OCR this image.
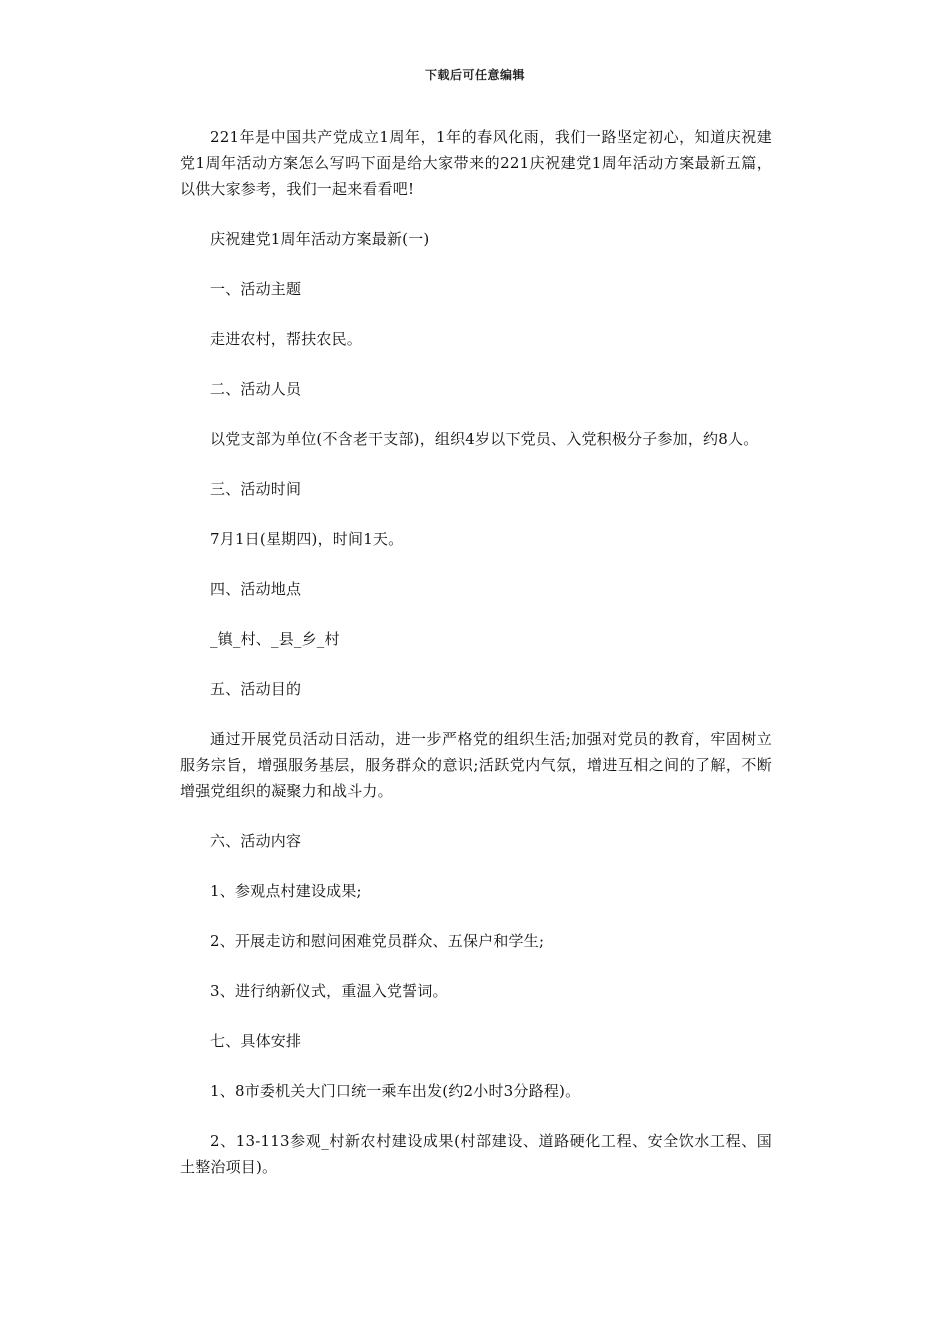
下载后可任意编辑

221年是中国共产党成立1周年，1年的春风化雨，我们一路坚定初心，知道庆祝建党1周年活动方案怎么写吗下面是给大家带来的221庆祝建党1周年活动方案最新五篇，以供大家参考，我们一起来看看吧!

庆祝建党1周年活动方案最新(一)

一、活动主题

走进农村，帮扶农民。

二、活动人员

以党支部为单位(不含老干支部)，组织4岁以下党员、入党积极分子参加，约8人。

三、活动时间

7月1日(星期四)，时间1天。

四、活动地点

_镇_村、_县_乡_村

五、活动目的

通过开展党员活动日活动，进一步严格党的组织生活;加强对党员的教育，牢固树立服务宗旨，增强服务基层，服务群众的意识;活跃党内气氛，增进互相之间的了解，不断增强党组织的凝聚力和战斗力。

六、活动内容

1、参观点村建设成果;

2、开展走访和慰问困难党员群众、五保户和学生;

3、进行纳新仪式，重温入党誓词。

七、具体安排

1、8市委机关大门口统一乘车出发(约2小时3分路程)。

2、13-113参观_村新农村建设成果(村部建设、道路硬化工程、安全饮水工程、国土整治项目)。
